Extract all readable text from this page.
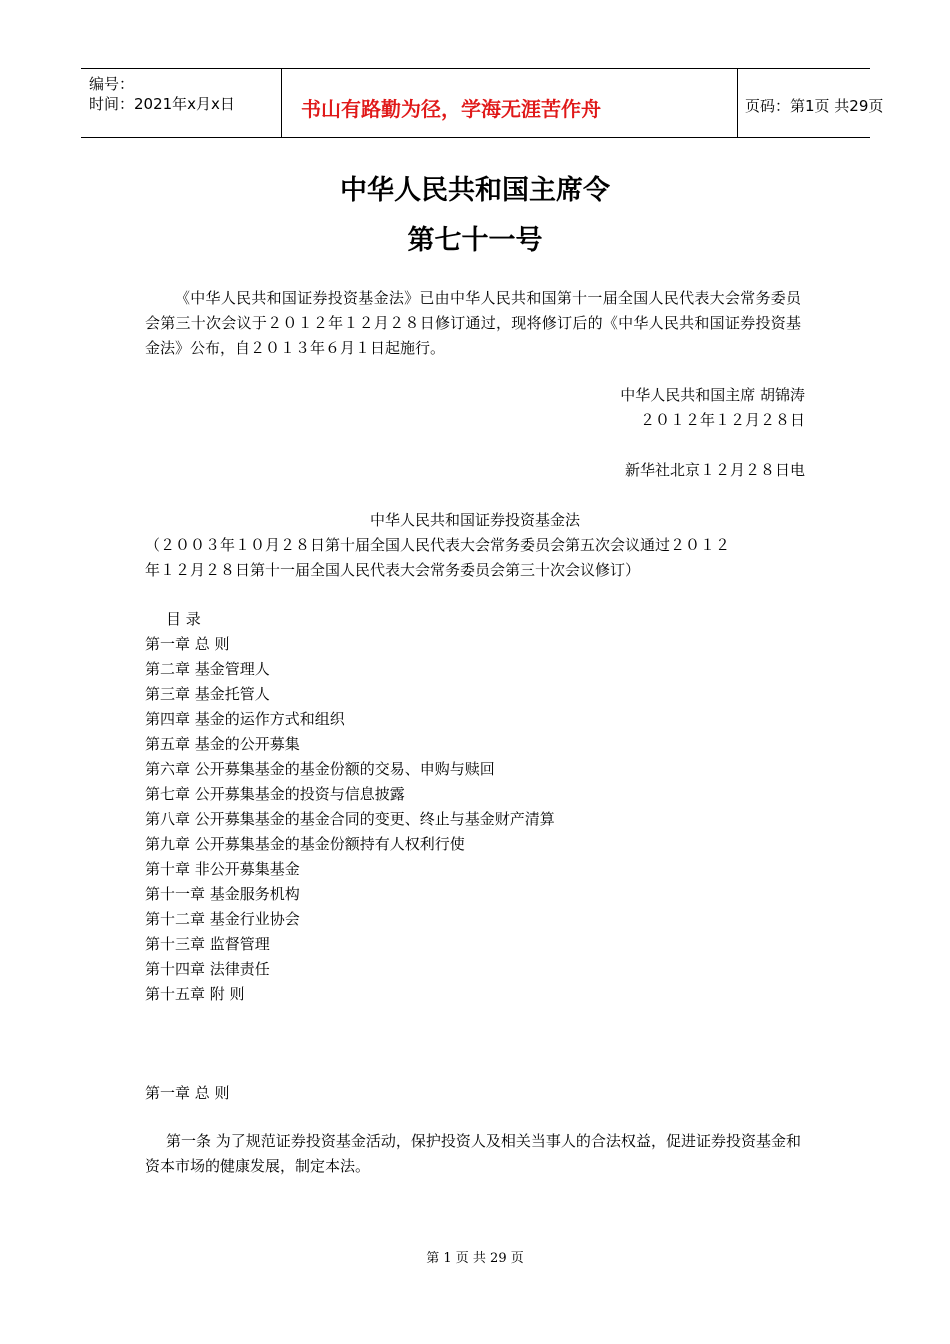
编号：
时间：2021年x月x日	书山有路勤为径，学海无涯苦作舟	页码：第1页 共29页
中华人民共和国主席令
第七十一号
《中华人民共和国证券投资基金法》已由中华人民共和国第十一届全国人民代表大会常务委员会第三十次会议于２０１２年１２月２８日修订通过，现将修订后的《中华人民共和国证券投资基金法》公布，自２０１３年６月１日起施行。
中华人民共和国主席 胡锦涛
２０１２年１２月２８日
新华社北京１２月２８日电
中华人民共和国证券投资基金法
（２００３年１０月２８日第十届全国人民代表大会常务委员会第五次会议通过２０１２
年１２月２８日第十一届全国人民代表大会常务委员会第三十次会议修订）
目 录
第一章 总 则
第二章 基金管理人
第三章 基金托管人
第四章 基金的运作方式和组织
第五章 基金的公开募集
第六章 公开募集基金的基金份额的交易、申购与赎回
第七章 公开募集基金的投资与信息披露
第八章 公开募集基金的基金合同的变更、终止与基金财产清算
第九章 公开募集基金的基金份额持有人权利行使
第十章 非公开募集基金
第十一章 基金服务机构
第十二章 基金行业协会
第十三章 监督管理
第十四章 法律责任
第十五章 附 则
第一章 总 则
第一条 为了规范证券投资基金活动，保护投资人及相关当事人的合法权益，促进证券投资基金和资本市场的健康发展，制定本法。
第 1 页 共 29 页
